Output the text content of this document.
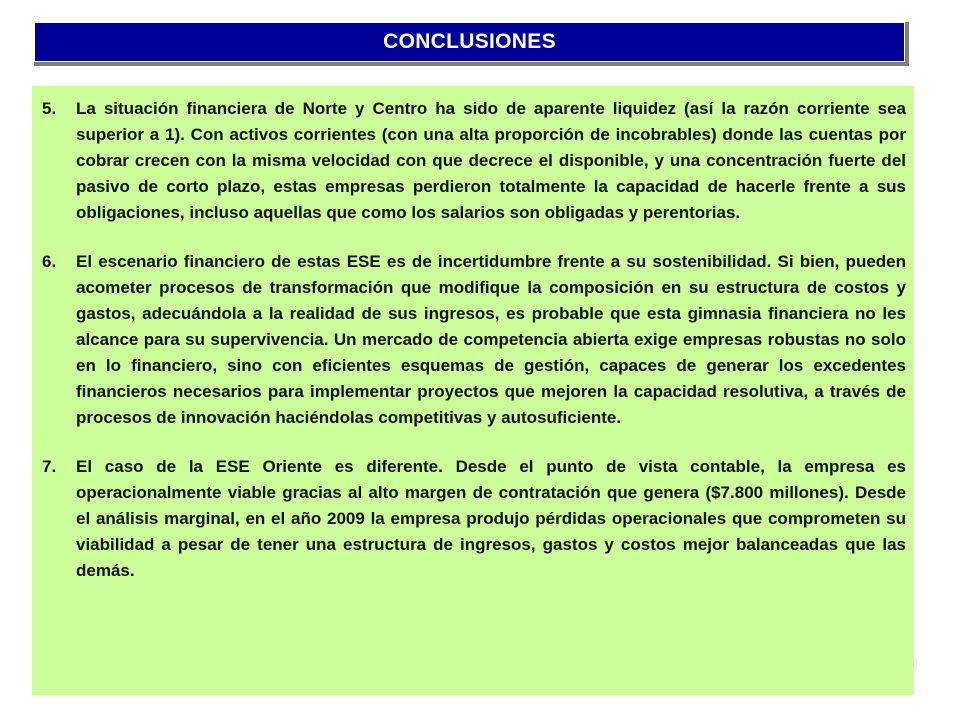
CONCLUSIONES
5. La situación financiera de Norte y Centro ha sido de aparente liquidez (así la razón corriente sea superior a 1). Con activos corrientes (con una alta proporción de incobrables) donde las cuentas por cobrar crecen con la misma velocidad con que decrece el disponible, y una concentración fuerte del pasivo de corto plazo, estas empresas perdieron totalmente la capacidad de hacerle frente a sus obligaciones, incluso aquellas que como los salarios son obligadas y perentorias.
6. El escenario financiero de estas ESE es de incertidumbre frente a su sostenibilidad. Si bien, pueden acometer procesos de transformación que modifique la composición en su estructura de costos y gastos, adecuándola a la realidad de sus ingresos, es probable que esta gimnasia financiera no les alcance para su supervivencia. Un mercado de competencia abierta exige empresas robustas no solo en lo financiero, sino con eficientes esquemas de gestión, capaces de generar los excedentes financieros necesarios para implementar proyectos que mejoren la capacidad resolutiva, a través de procesos de innovación haciéndolas competitivas y autosuficiente.
7. El caso de la ESE Oriente es diferente. Desde el punto de vista contable, la empresa es operacionalmente viable gracias al alto margen de contratación que genera ($7.800 millones). Desde el análisis marginal, en el año 2009 la empresa produjo pérdidas operacionales que comprometen su viabilidad a pesar de tener una estructura de ingresos, gastos y costos mejor balanceadas que las demás.
)
